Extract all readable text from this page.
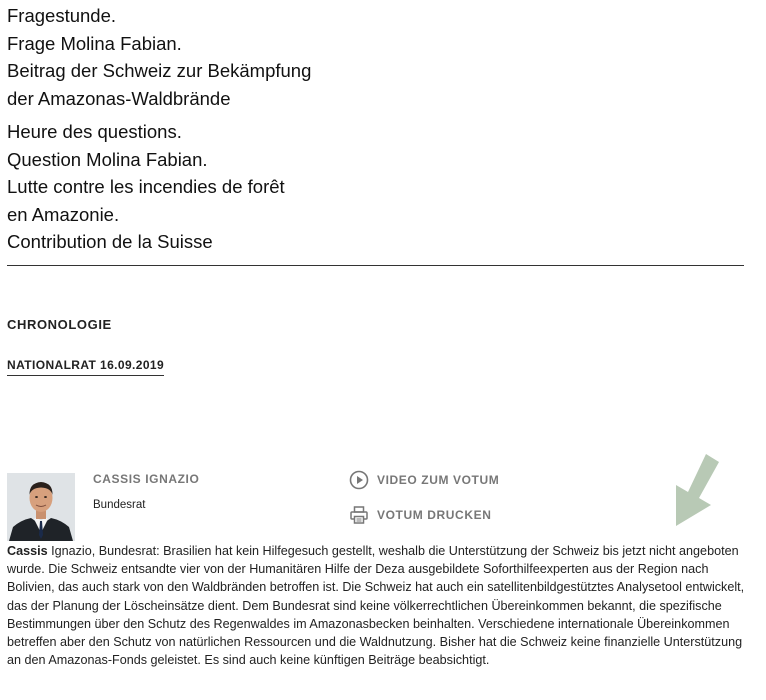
Fragestunde.
Frage Molina Fabian.
Beitrag der Schweiz zur Bekämpfung
der Amazonas-Waldbrände
Heure des questions.
Question Molina Fabian.
Lutte contre les incendies de forêt
en Amazonie.
Contribution de la Suisse
CHRONOLOGIE
NATIONALRAT 16.09.2019
CASSIS IGNAZIO
Bundesrat
VIDEO ZUM VOTUM
VOTUM DRUCKEN
Cassis Ignazio, Bundesrat: Brasilien hat kein Hilfegesuch gestellt, weshalb die Unterstützung der Schweiz bis jetzt nicht angeboten wurde. Die Schweiz entsandte vier von der Humanitären Hilfe der Deza ausgebildete Soforthilfeexperten aus der Region nach Bolivien, das auch stark von den Waldbränden betroffen ist. Die Schweiz hat auch ein satellitenbildgestütztes Analysetool entwickelt, das der Planung der Löscheinsätze dient. Dem Bundesrat sind keine völkerrechtlichen Übereinkommen bekannt, die spezifische Bestimmungen über den Schutz des Regenwaldes im Amazonasbecken beinhalten. Verschiedene internationale Übereinkommen betreffen aber den Schutz von natürlichen Ressourcen und die Waldnutzung. Bisher hat die Schweiz keine finanzielle Unterstützung an den Amazonas-Fonds geleistet. Es sind auch keine künftigen Beiträge beabsichtigt.
